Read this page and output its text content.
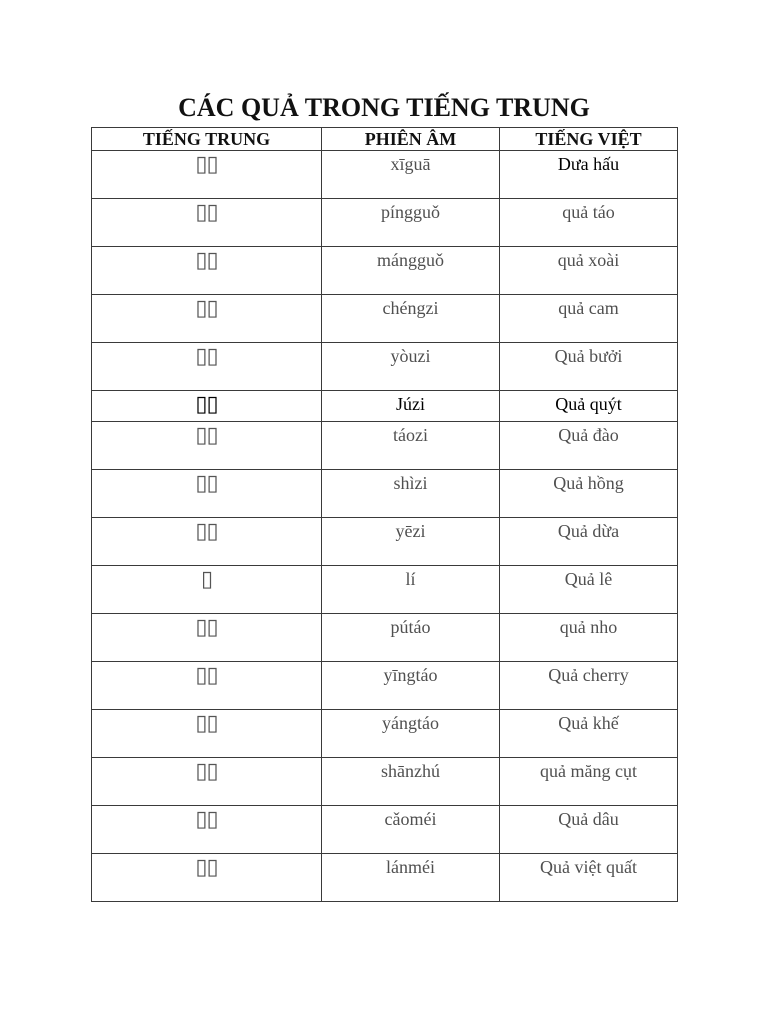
CÁC QUẢ TRONG TIẾNG TRUNG
TIẾNG TRUNG	PHIÊN ÂM	TIẾNG VIỆT
▯▯	xīguā	Dưa hấu
▯▯	píngguǒ	quả táo
▯▯	mángguǒ	quả xoài
▯▯	chéngzi	quả cam
▯▯	yòuzi	Quả bưởi
▯▯	Júzi	Quả quýt
▯▯	táozi	Quả đào
▯▯	shìzi	Quả hồng
▯▯	yēzi	Quả dừa
▯	lí	Quả lê
▯▯	pútáo	quả nho
▯▯	yīngtáo	Quả cherry
▯▯	yángtáo	Quả khế
▯▯	shānzhú	quả măng cụt
▯▯	cǎoméi	Quả dâu
▯▯	lánméi	Quả việt quất
